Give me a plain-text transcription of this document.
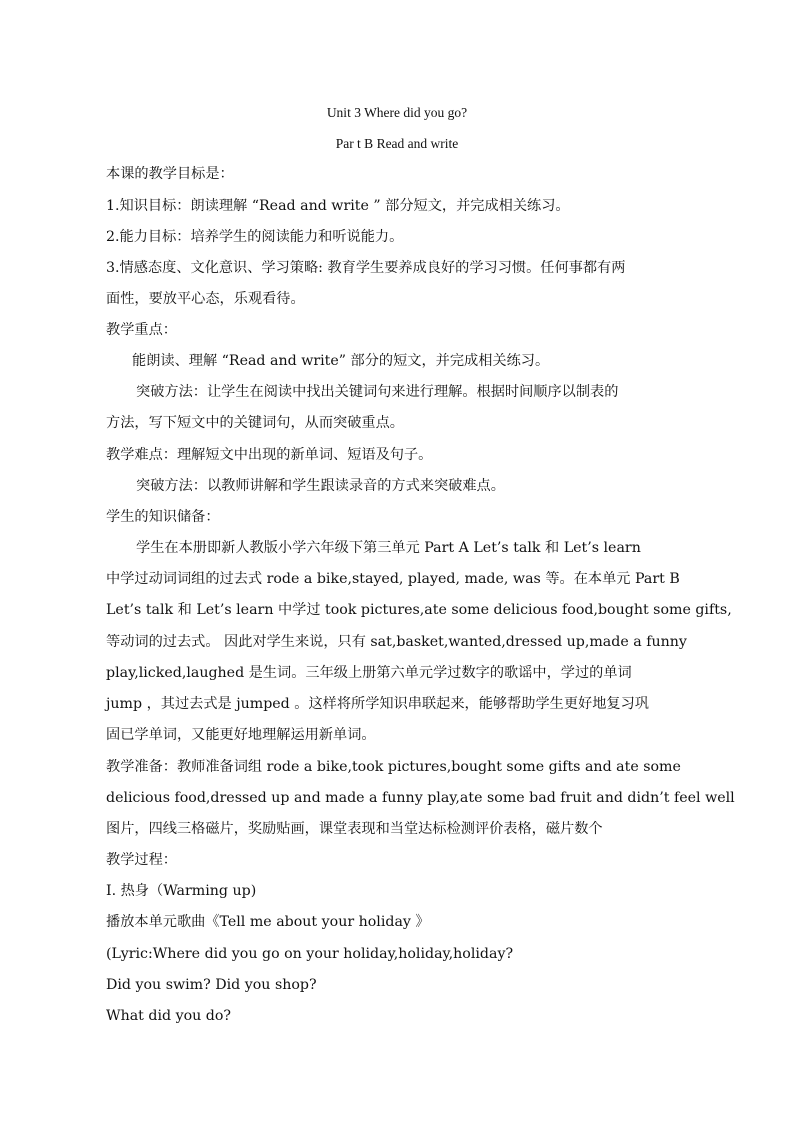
Unit 3 Where did you go?
Par t B Read and write
本课的教学目标是：
1.知识目标：朗读理解 “Read and write ” 部分短文，并完成相关练习。
2.能力目标：培养学生的阅读能力和听说能力。
3.情感态度、文化意识、学习策略: 教育学生要养成良好的学习习惯。任何事都有两
面性，要放平心态，乐观看待。
教学重点：
能朗读、理解 “Read and write” 部分的短文，并完成相关练习。
突破方法：让学生在阅读中找出关键词句来进行理解。根据时间顺序以制表的
方法，写下短文中的关键词句，从而突破重点。
教学难点：理解短文中出现的新单词、短语及句子。
突破方法：以教师讲解和学生跟读录音的方式来突破难点。
学生的知识储备：
学生在本册即新人教版小学六年级下第三单元 Part A Let’s talk 和 Let’s learn
中学过动词词组的过去式 rode a bike,stayed, played, made, was 等。在本单元 Part B
Let’s talk 和 Let’s learn 中学过 took pictures,ate some delicious food,bought some gifts,
等动词的过去式。 因此对学生来说，只有 sat,basket,wanted,dressed up,made a funny
play,licked,laughed 是生词。三年级上册第六单元学过数字的歌谣中，学过的单词
jump ，其过去式是 jumped 。这样将所学知识串联起来，能够帮助学生更好地复习巩
固已学单词，又能更好地理解运用新单词。
教学准备：教师准备词组 rode a bike,took pictures,bought some gifts and ate some
delicious food,dressed up and made a funny play,ate some bad fruit and didn’t feel well
图片，四线三格磁片，奖励贴画，课堂表现和当堂达标检测评价表格，磁片数个
教学过程：
I. 热身（Warming up)
播放本单元歌曲《Tell me about your holiday 》
(Lyric:Where did you go on your holiday,holiday,holiday?
Did you swim? Did you shop?
What did you do?
